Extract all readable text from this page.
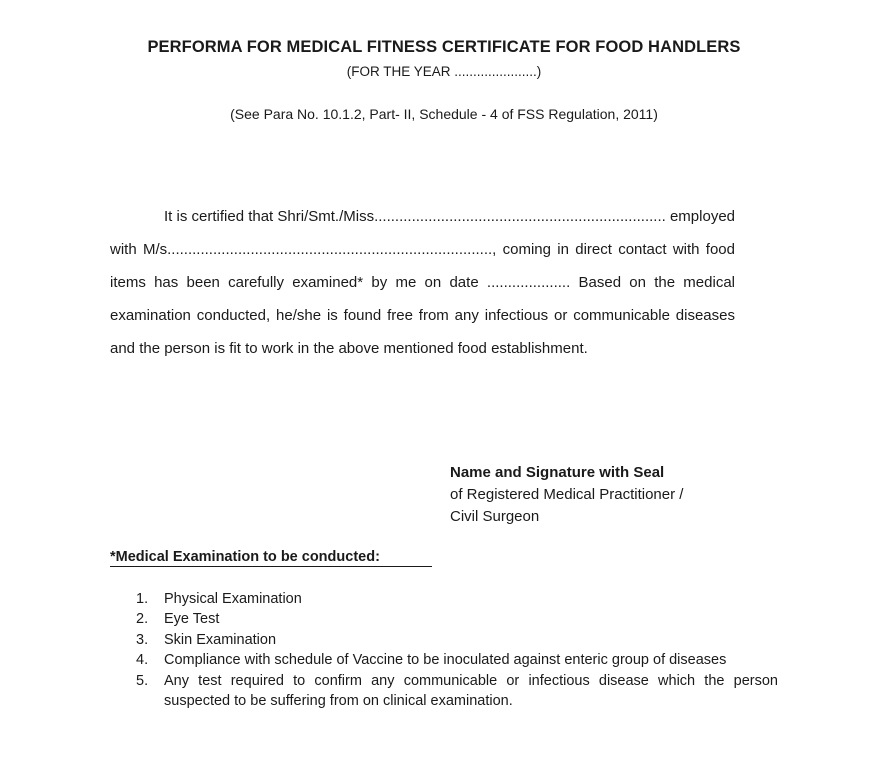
PERFORMA FOR MEDICAL FITNESS CERTIFICATE FOR FOOD HANDLERS
(FOR THE YEAR ......................)
(See Para No. 10.1.2, Part- II, Schedule - 4 of FSS Regulation, 2011)

It is certified that Shri/Smt./Miss...................................................................... employed with M/s.............................................................................., coming in direct contact with food items has been carefully examined* by me on date .................... Based on the medical examination conducted, he/she is found free from any infectious or communicable diseases and the person is fit to work in the above mentioned food establishment.

Name and Signature with Seal
of Registered Medical Practitioner /
Civil Surgeon
*Medical Examination to be conducted:
1.	Physical Examination
2.	Eye Test
3.	Skin Examination
4.	Compliance with schedule of Vaccine to be inoculated against enteric group of diseases
5.	Any test required to confirm any communicable or infectious disease which the person suspected to be suffering from on clinical examination.
